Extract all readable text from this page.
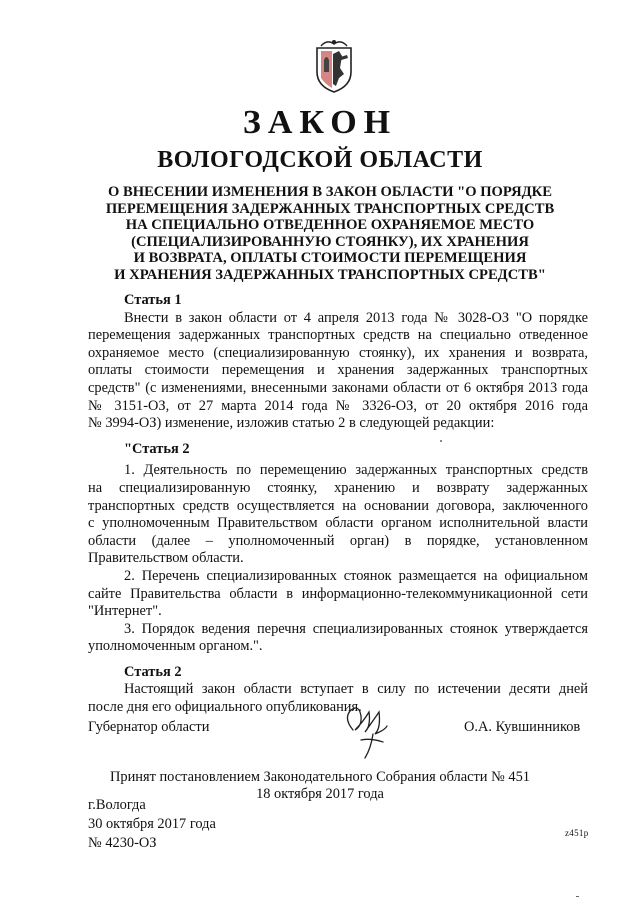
ЗАКОН
ВОЛОГОДСКОЙ ОБЛАСТИ
О ВНЕСЕНИИ ИЗМЕНЕНИЯ В ЗАКОН ОБЛАСТИ "О ПОРЯДКЕ
ПЕРЕМЕЩЕНИЯ ЗАДЕРЖАННЫХ ТРАНСПОРТНЫХ СРЕДСТВ
НА СПЕЦИАЛЬНО ОТВЕДЕННОЕ ОХРАНЯЕМОЕ МЕСТО
(СПЕЦИАЛИЗИРОВАННУЮ СТОЯНКУ), ИХ ХРАНЕНИЯ
И ВОЗВРАТА, ОПЛАТЫ СТОИМОСТИ ПЕРЕМЕЩЕНИЯ
И ХРАНЕНИЯ ЗАДЕРЖАННЫХ ТРАНСПОРТНЫХ СРЕДСТВ"
Статья 1
Внести в закон области от 4 апреля 2013 года № 3028-ОЗ "О порядке
перемещения задержанных транспортных средств на специально отведенное
охраняемое место (специализированную стоянку), их хранения и возврата,
оплаты стоимости перемещения и хранения задержанных транспортных
средств" (с изменениями, внесенными законами области от 6 октября 2013 года
№ 3151-ОЗ, от 27 марта 2014 года № 3326-ОЗ, от 20 октября 2016 года
№ 3994-ОЗ) изменение, изложив статью 2 в следующей редакции:
"Статья 2
1. Деятельность по перемещению задержанных транспортных средств
на специализированную стоянку, хранению и возврату задержанных
транспортных средств осуществляется на основании договора, заключенного
с уполномоченным Правительством области органом исполнительной власти
области (далее – уполномоченный орган) в порядке, установленном
Правительством области.
2. Перечень специализированных стоянок размещается на официальном
сайте Правительства области в информационно-телекоммуникационной сети
"Интернет".
3. Порядок ведения перечня специализированных стоянок утверждается
уполномоченным органом.".
Статья 2
Настоящий закон области вступает в силу по истечении десяти дней
после дня его официального опубликования.
Губернатор области	О.А. Кувшинников
Принят постановлением Законодательного Собрания области № 451
18 октября 2017 года
г.Вологда
30 октября 2017 года
№ 4230-ОЗ
z451p
